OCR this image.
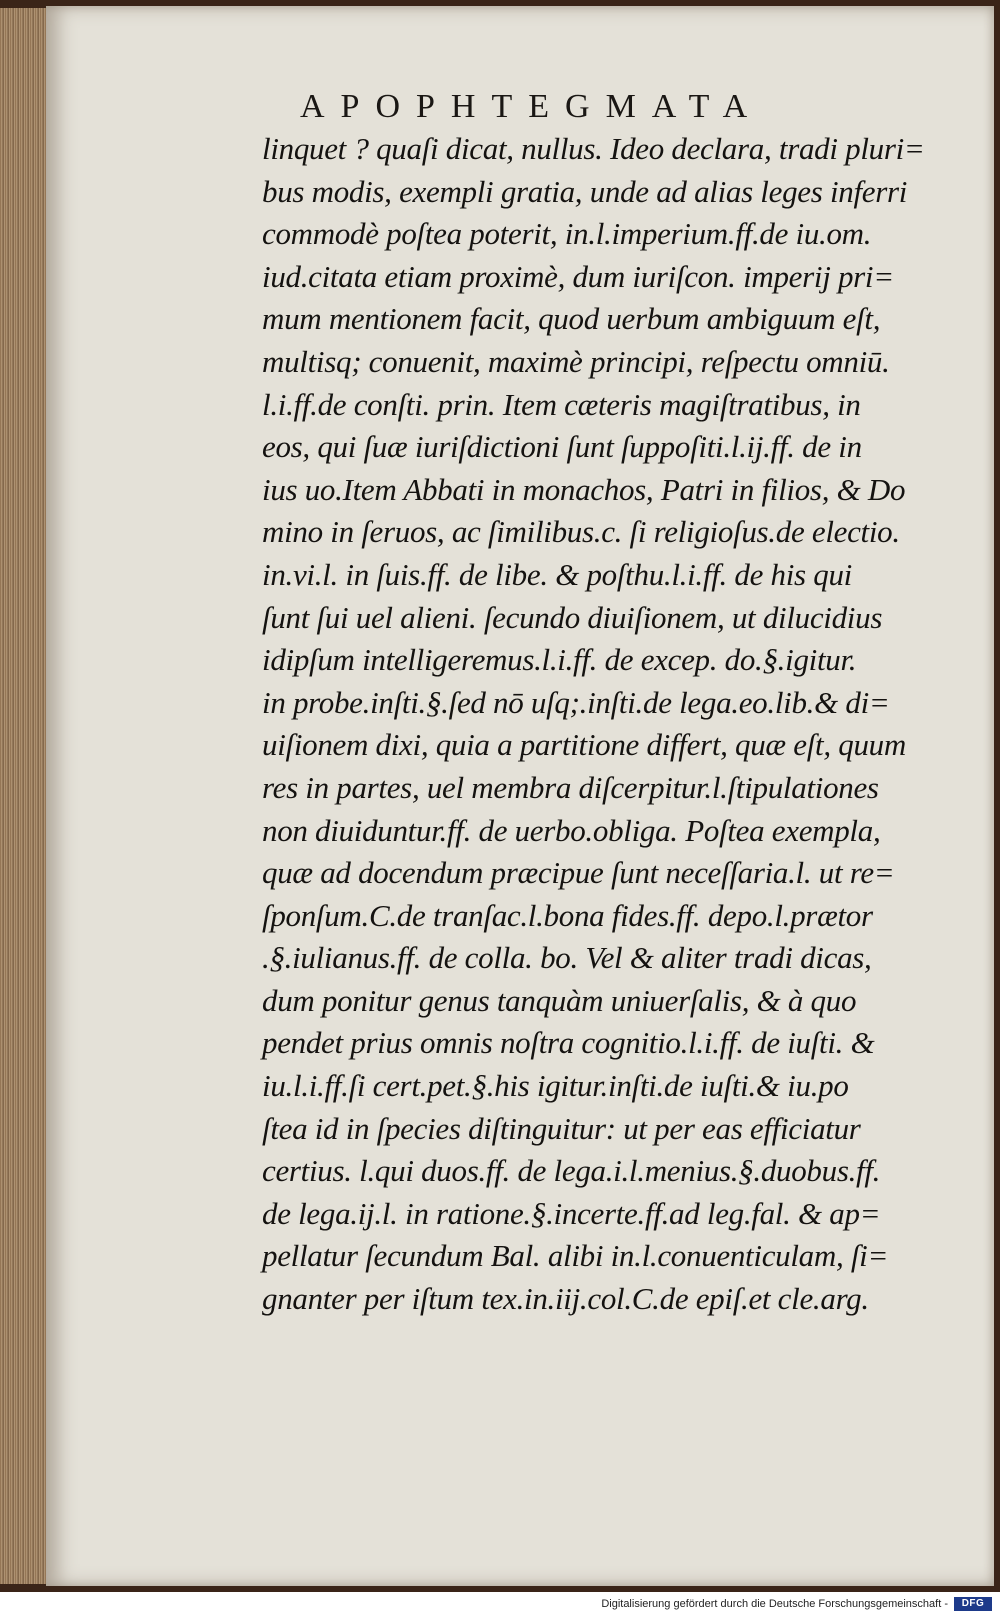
APOPHTEGMATA
linquet ? quaſi dicat, nullus. Ideo declara, tradi pluri=
bus modis, exempli gratia, unde ad alias leges inferri
commodè poſtea poterit, in.l.imperium.ff.de iu.om.
iud.citata etiam proximè, dum iuriſcon. imperij pri=
mum mentionem facit, quod uerbum ambiguum eſt,
multisq; conuenit, maximè principi, reſpectu omniū.
l.i.ff.de conſti. prin. Item cæteris magiſtratibus, in
eos, qui ſuæ iuriſdictioni ſunt ſuppoſiti.l.ij.ff. de in
ius uo.Item Abbati in monachos, Patri in filios, & Do
mino in ſeruos, ac ſimilibus.c. ſi religioſus.de electio.
in.vi.l. in ſuis.ff. de libe. & poſthu.l.i.ff. de his qui
ſunt ſui uel alieni. ſecundo diuiſionem, ut dilucidius
idipſum intelligeremus.l.i.ff. de excep. do.§.igitur.
in probe.inſti.§.ſed nō uſq;.inſti.de lega.eo.lib.& di=
uiſionem dixi, quia a partitione differt, quæ eſt, quum
res in partes, uel membra diſcerpitur.l.ſtipulationes
non diuiduntur.ff. de uerbo.obliga. Poſtea exempla,
quæ ad docendum præcipue ſunt neceſſaria.l. ut re=
ſponſum.C.de tranſac.l.bona fides.ff. depo.l.prætor
.§.iulianus.ff. de colla. bo. Vel & aliter tradi dicas,
dum ponitur genus tanquàm uniuerſalis, & à quo
pendet prius omnis noſtra cognitio.l.i.ff. de iuſti. &
iu.l.i.ff.ſi cert.pet.§.his igitur.inſti.de iuſti.& iu.po
ſtea id in ſpecies diſtinguitur: ut per eas efficiatur
certius. l.qui duos.ff. de lega.i.l.menius.§.duobus.ff.
de lega.ij.l. in ratione.§.incerte.ff.ad leg.fal. & ap=
pellatur ſecundum Bal. alibi in.l.conuenticulam, ſi=
gnanter per iſtum tex.in.iij.col.C.de epiſ.et cle.arg.
Digitalisierung gefördert durch die Deutsche Forschungsgemeinschaft -	DFG
